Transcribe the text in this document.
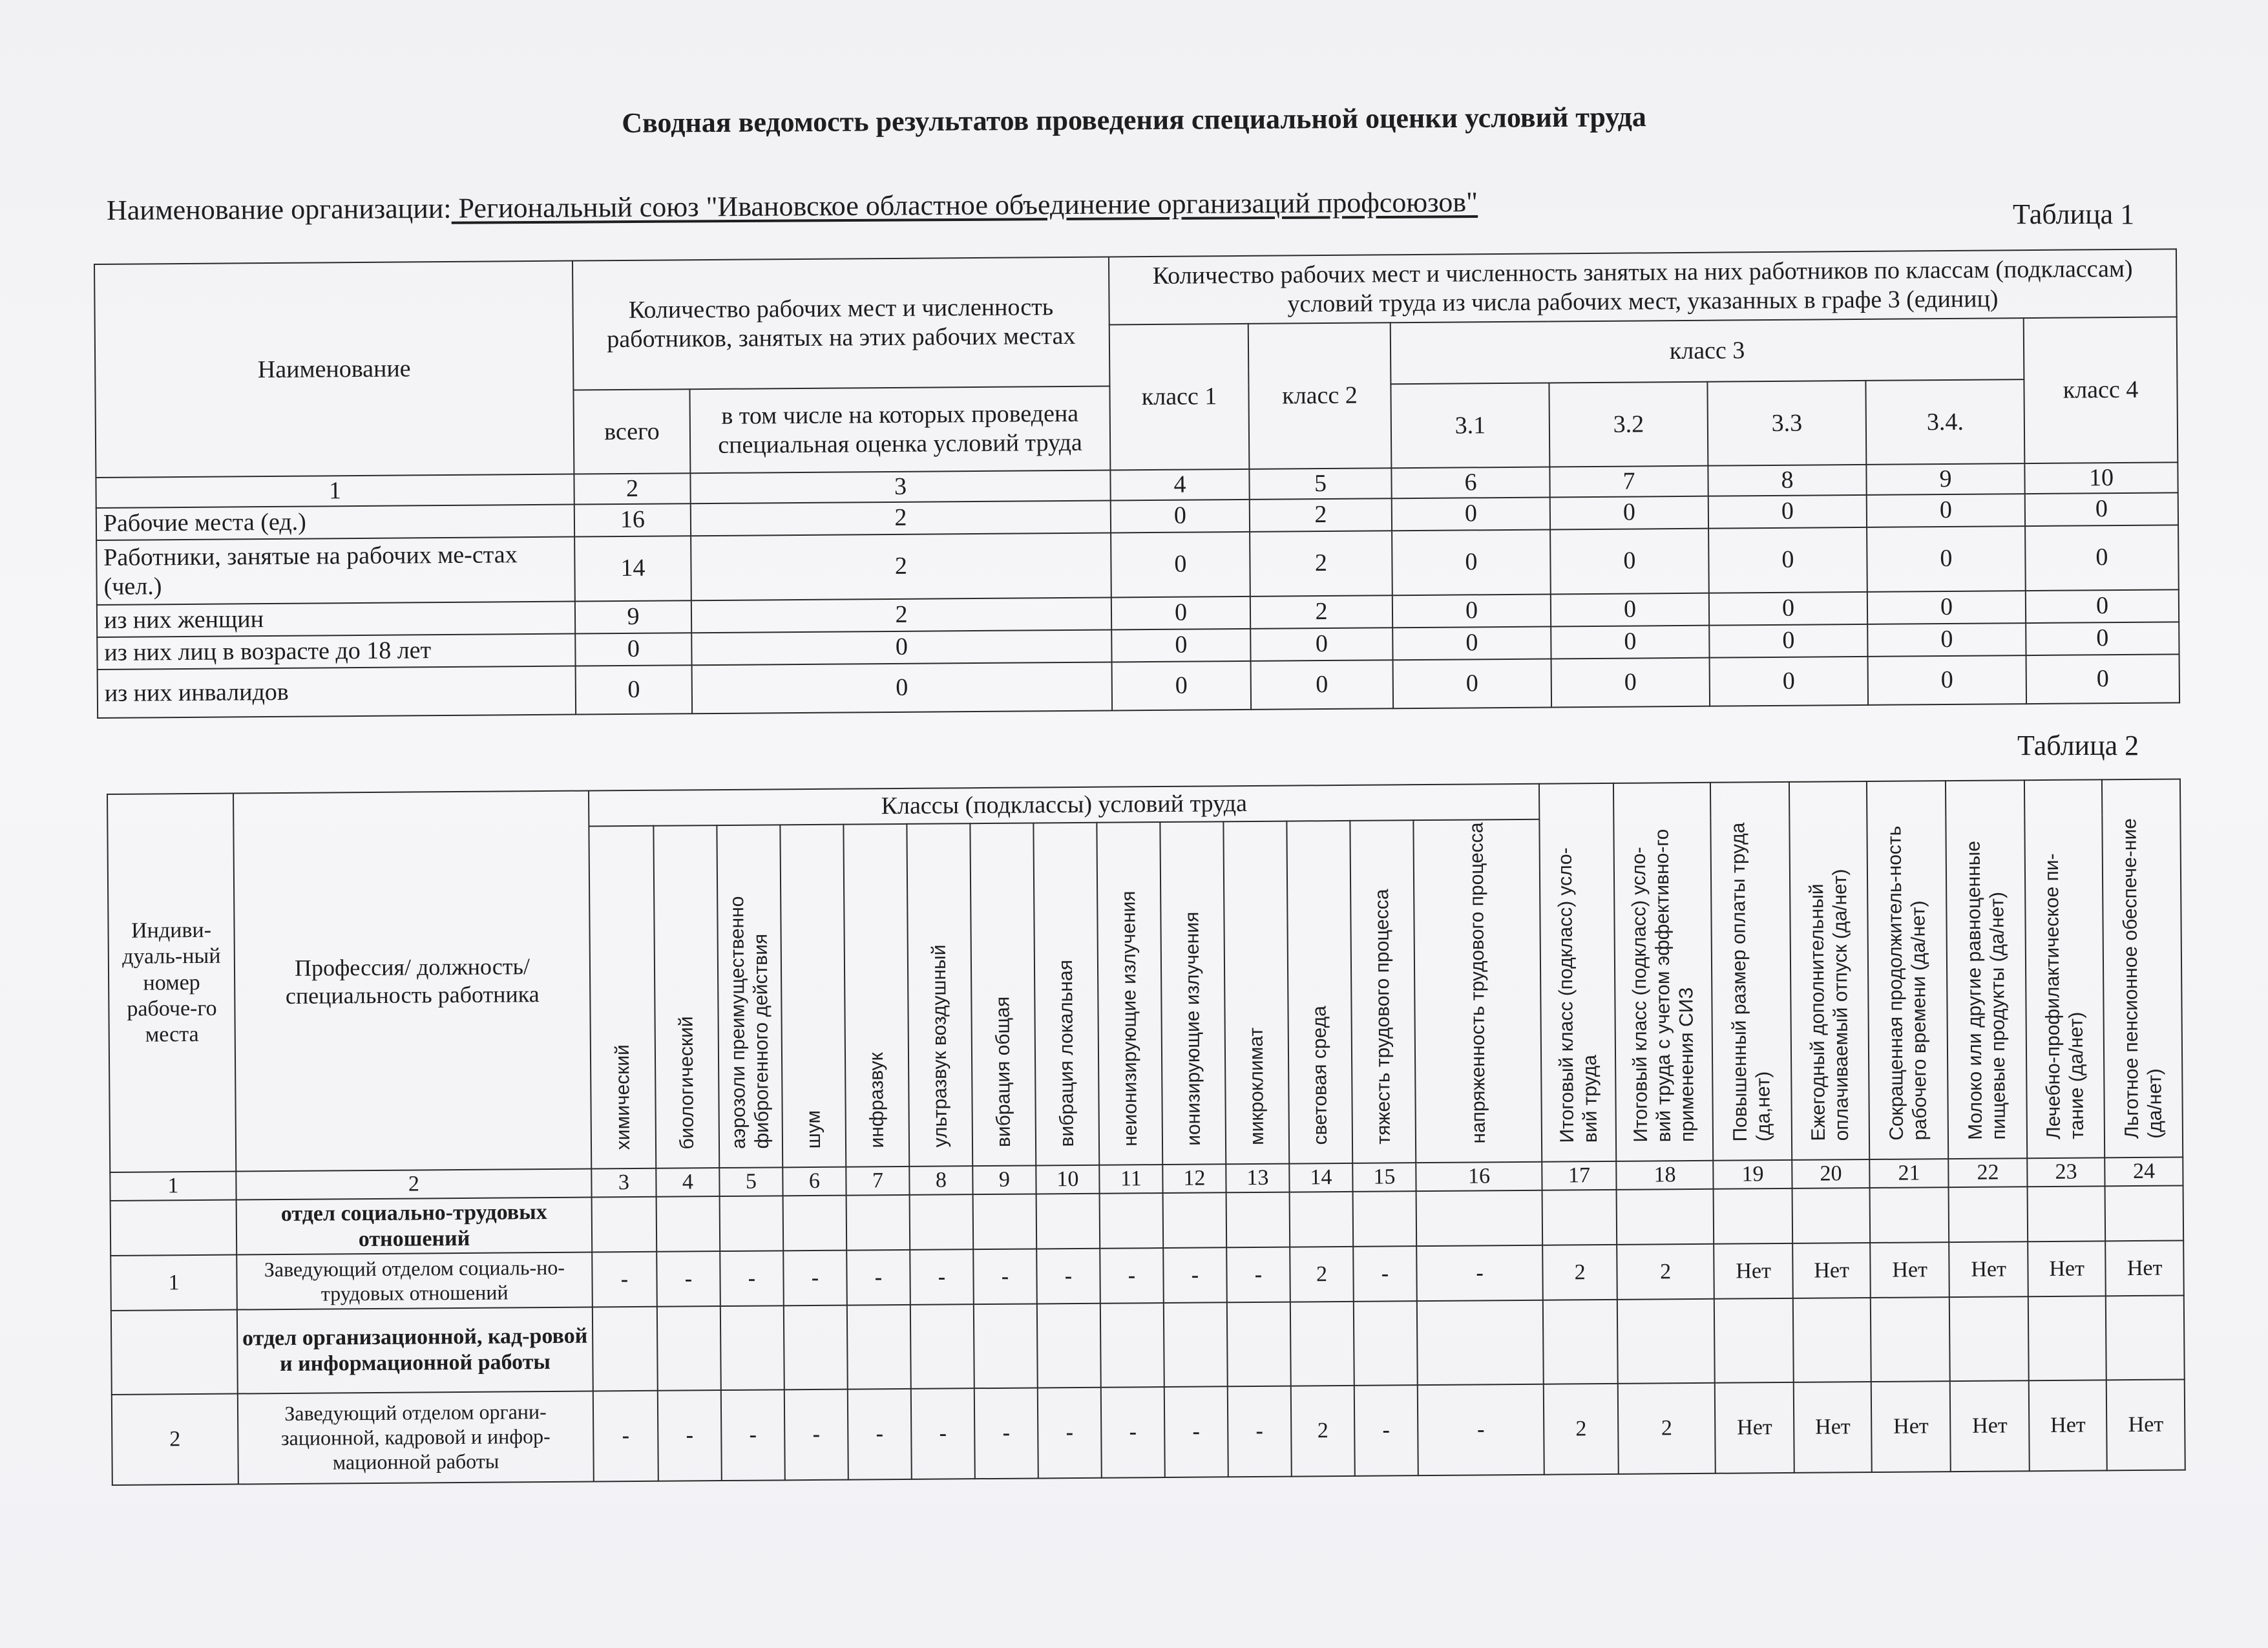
Сводная ведомость результатов проведения специальной оценки условий труда
Наименование организации: Региональный союз "Ивановское областное объединение организаций профсоюзов"	Таблица 1
Наименование	Количество рабочих мест и численность работников, занятых на этих рабочих местах		Количество рабочих мест и численность занятых на них работников по классам (подклассам) условий труда из числа рабочих мест, указанных в графе 3 (единиц)						
			класс 1	класс 2	класс 3				класс 4
	всего	в том числе на которых проведена специальная оценка условий труда			3.1	3.2	3.3	3.4.	
1	2	3	4	5	6	7	8	9	10
Рабочие места (ед.)	16	2	0	2	0	0	0	0	0
Работники, занятые на рабочих ме-стах (чел.)	14	2	0	2	0	0	0	0	0
из них женщин	9	2	0	2	0	0	0	0	0
из них лиц в возрасте до 18 лет	0	0	0	0	0	0	0	0	0
из них инвалидов	0	0	0	0	0	0	0	0	0
Таблица 2
Индиви-дуаль-ный номер рабоче-го места	Профессия/ должность/ специальность работника	Классы (подклассы) условий труда														Итоговый класс (подкласс) усло-вий труда	Итоговый класс (подкласс) усло-вий труда с учетом эффективно-го применения СИЗ	Повышенный размер оплаты труда (да,нет)	Ежегодный дополнительный оплачиваемый отпуск (да/нет)	Сокращенная продолжитель-ность рабочего времени (да/нет)	Молоко или другие равноценные пищевые продукты (да/нет)	Лечебно-профилактическое пи-тание (да/нет)	Льготное пенсионное обеспече-ние (да/нет)
		химический	биологический	аэрозоли преимущественно фиброгенного действия	шум	инфразвук	ультразвук воздушный	вибрация общая	вибрация локальная	неионизирующие излучения	ионизирующие излучения	микроклимат	световая среда	тяжесть трудового процесса	напряженность трудового процесса								
1	2	3	4	5	6	7	8	9	10	11	12	13	14	15	16	17	18	19	20	21	22	23	24
	отдел социально-трудовых отношений																						
1	Заведующий отделом социаль-но-трудовых отношений	-	-	-	-	-	-	-	-	-	-	-	2	-	-	2	2	Нет	Нет	Нет	Нет	Нет	Нет
	отдел организационной, кад-ровой и информационной работы																						
2	Заведующий отделом органи-зационной, кадровой и инфор-мационной работы	-	-	-	-	-	-	-	-	-	-	-	2	-	-	2	2	Нет	Нет	Нет	Нет	Нет	Нет
